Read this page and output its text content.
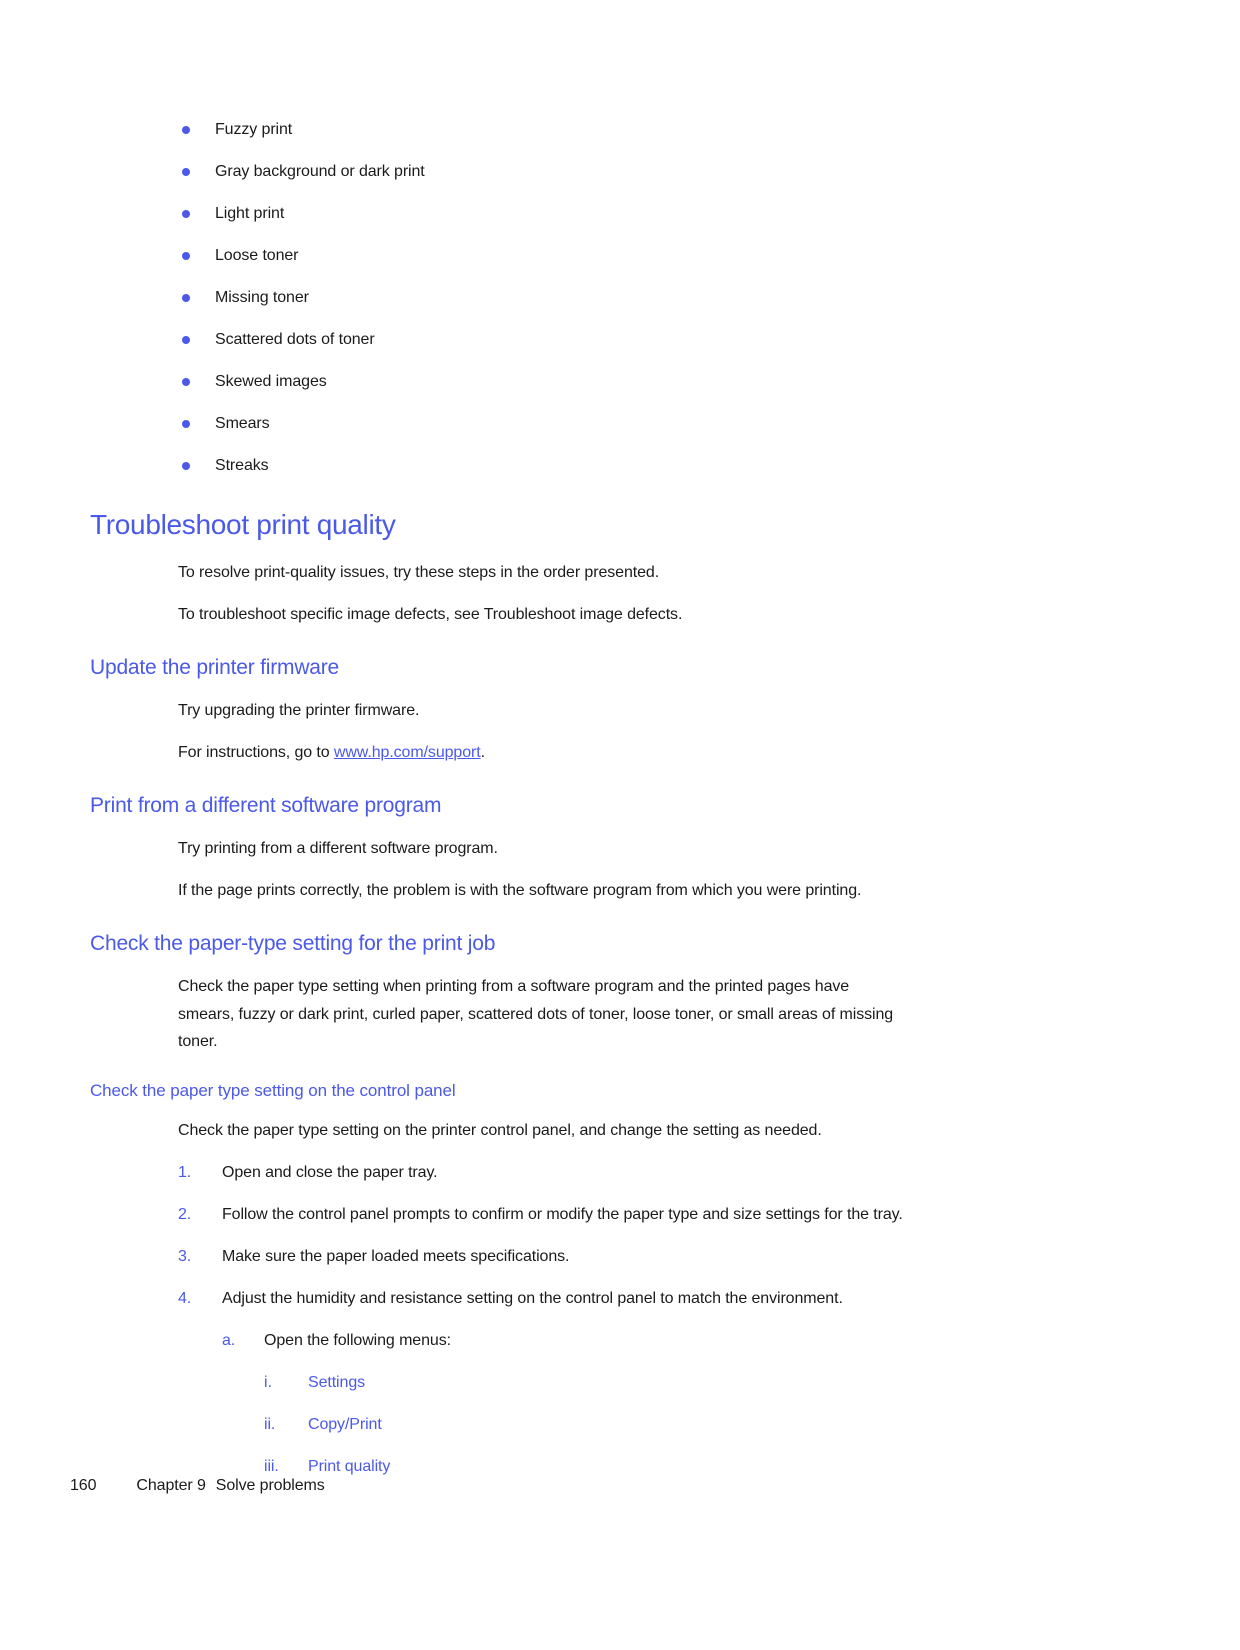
Fuzzy print
Gray background or dark print
Light print
Loose toner
Missing toner
Scattered dots of toner
Skewed images
Smears
Streaks
Troubleshoot print quality

To resolve print-quality issues, try these steps in the order presented.

To troubleshoot specific image defects, see Troubleshoot image defects.

Update the printer firmware

Try upgrading the printer firmware.

For instructions, go to www.hp.com/support.

Print from a different software program

Try printing from a different software program.

If the page prints correctly, the problem is with the software program from which you were printing.

Check the paper-type setting for the print job

Check the paper type setting when printing from a software program and the printed pages have smears, fuzzy or dark print, curled paper, scattered dots of toner, loose toner, or small areas of missing toner.

Check the paper type setting on the control panel

Check the paper type setting on the printer control panel, and change the setting as needed.

1.	Open and close the paper tray.
2.	Follow the control panel prompts to confirm or modify the paper type and size settings for the tray.
3.	Make sure the paper loaded meets specifications.
4.	Adjust the humidity and resistance setting on the control panel to match the environment.
a.	Open the following menus:
i.	Settings
ii.	Copy/Print
iii.	Print quality
160	Chapter 9 Solve problems
